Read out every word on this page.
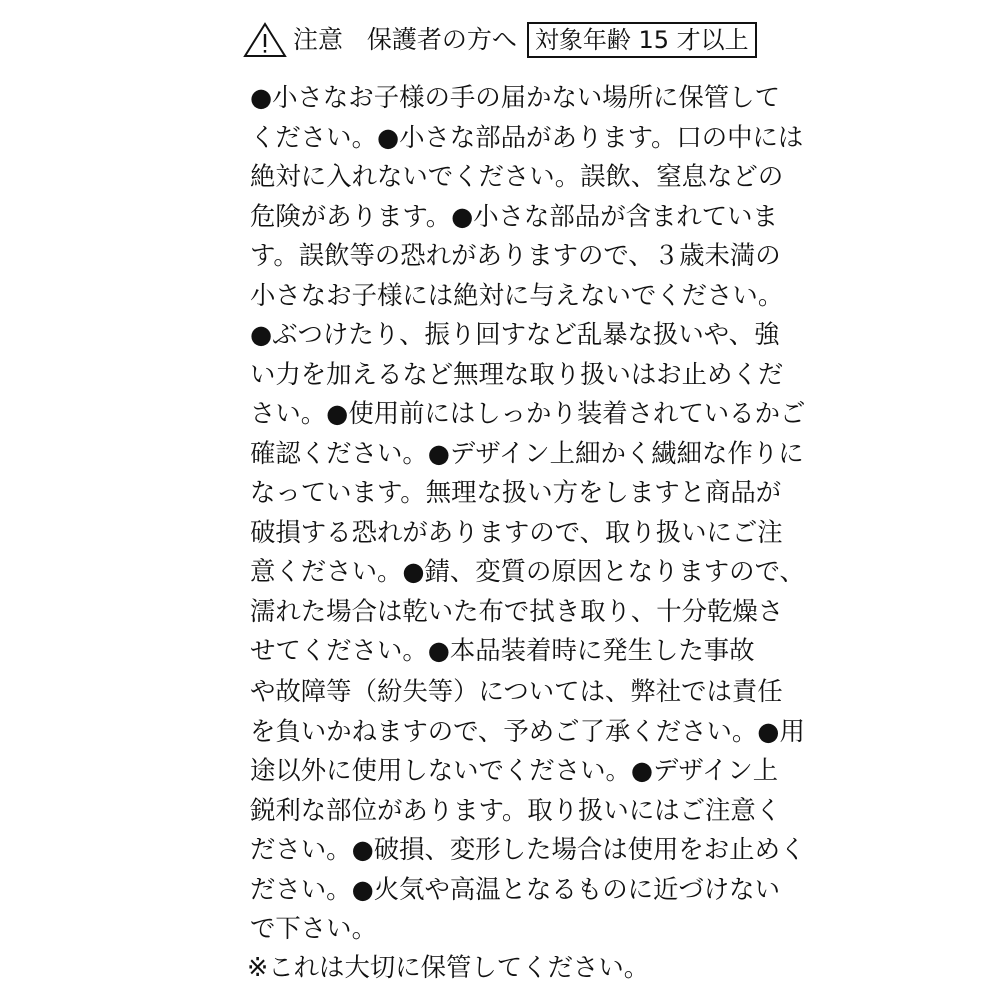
注意
保護者の方へ 対象年齢 15 才以上
●小さなお子様の手の届かない場所に保管して
ください。●小さな部品があります。口の中には
絶対に入れないでください。誤飲、窒息などの
危険があります。●小さな部品が含まれていま
す。誤飲等の恐れがありますので、３歳未満の
小さなお子様には絶対に与えないでください。
●ぶつけたり、振り回すなど乱暴な扱いや、強
い力を加えるなど無理な取り扱いはお止めくだ
さい。●使用前にはしっかり装着されているかご
確認ください。●デザイン上細かく繊細な作りに
なっています。無理な扱い方をしますと商品が
破損する恐れがありますので、取り扱いにご注
意ください。●錆、変質の原因となりますので、
濡れた場合は乾いた布で拭き取り、十分乾燥さ
せてください。●本品装着時に発生した事故
や故障等（紛失等）については、弊社では責任
を負いかねますので、予めご了承ください。●用
途以外に使用しないでください。●デザイン上
鋭利な部位があります。取り扱いにはご注意く
ださい。●破損、変形した場合は使用をお止めく
ださい。●火気や高温となるものに近づけない
で下さい。
※これは大切に保管してください。
